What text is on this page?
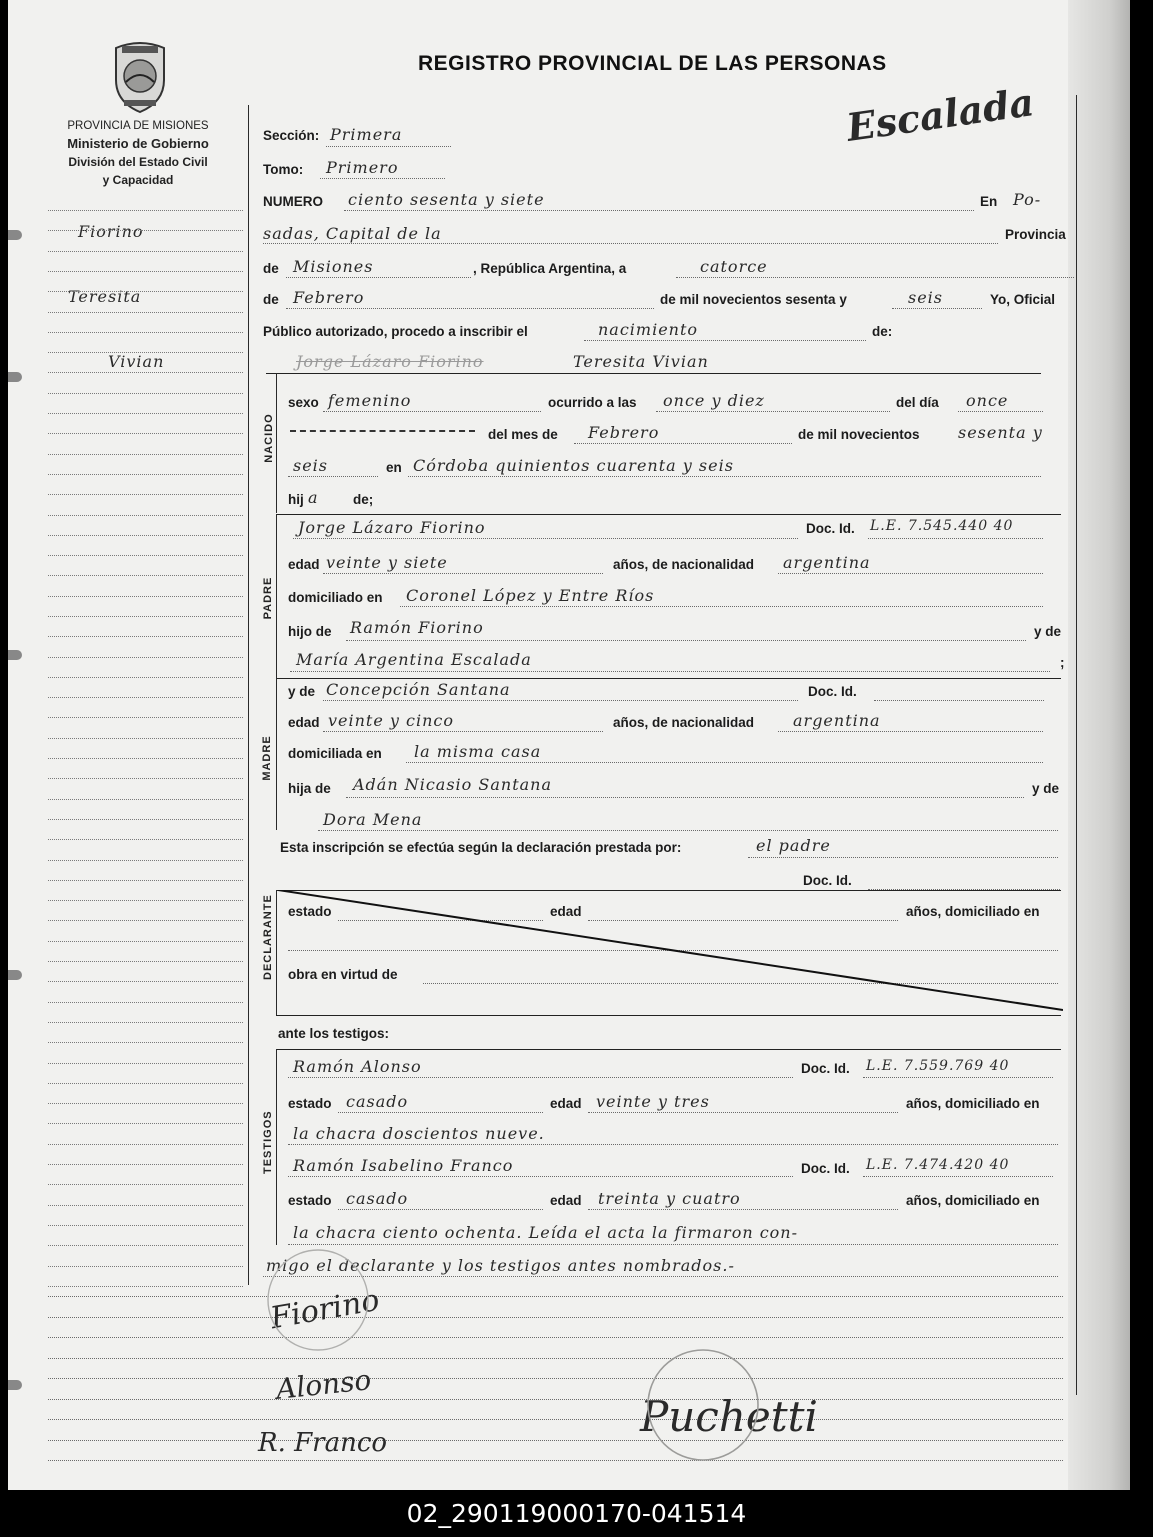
PROVINCIA DE MISIONES
Ministerio de Gobierno
División del Estado Civil
y Capacidad
REGISTRO PROVINCIAL DE LAS PERSONAS
Escalada
Fiorino
Teresita
Vivian
Sección: Primera
Tomo: Primero
NUMERO ciento sesenta y siete	En Po-
sadas, Capital de la	Provincia
de Misiones	, República Argentina, a	catorce
de Febrero	de mil novecientos sesenta y	seis	Yo, Oficial
Público autorizado, procedo a inscribir el	nacimiento	de:
NACIDO
Jorge Lázaro Fiorino	Teresita Vivian
sexo femenino	ocurrido a las once y diez	del día once
del mes de Febrero	de mil novecientos sesenta y
seis	en Córdoba quinientos cuarenta y seis
hij a	de;
PADRE
Jorge Lázaro Fiorino	Doc. Id. L.E. 7.545.440 40
edad veinte y siete	años, de nacionalidad argentina
domiciliado en Coronel López y Entre Ríos
hijo de Ramón Fiorino	y de
María Argentina Escalada	;
MADRE
y de Concepción Santana	Doc. Id.
edad veinte y cinco	años, de nacionalidad argentina
domiciliada en la misma casa
hija de Adán Nicasio Santana	y de
Dora Mena
Esta inscripción se efectúa según la declaración prestada por:	el padre
Doc. Id.
DECLARANTE estado	edad	años, domiciliado en
obra en virtud de
ante los testigos:
TESTIGOS
Ramón Alonso	Doc. Id. L.E. 7.559.769 40
estado casado	edad veinte y tres	años, domiciliado en
la chacra doscientos nueve.
Ramón Isabelino Franco	Doc. Id. L.E. 7.474.420 40
estado casado	edad treinta y cuatro	años, domiciliado en
la chacra ciento ochenta. Leída el acta la firmaron con-
migo el declarante y los testigos antes nombrados.-
Fiorino
Alonso
R. Franco
Puchetti
02_290119000170-041514
